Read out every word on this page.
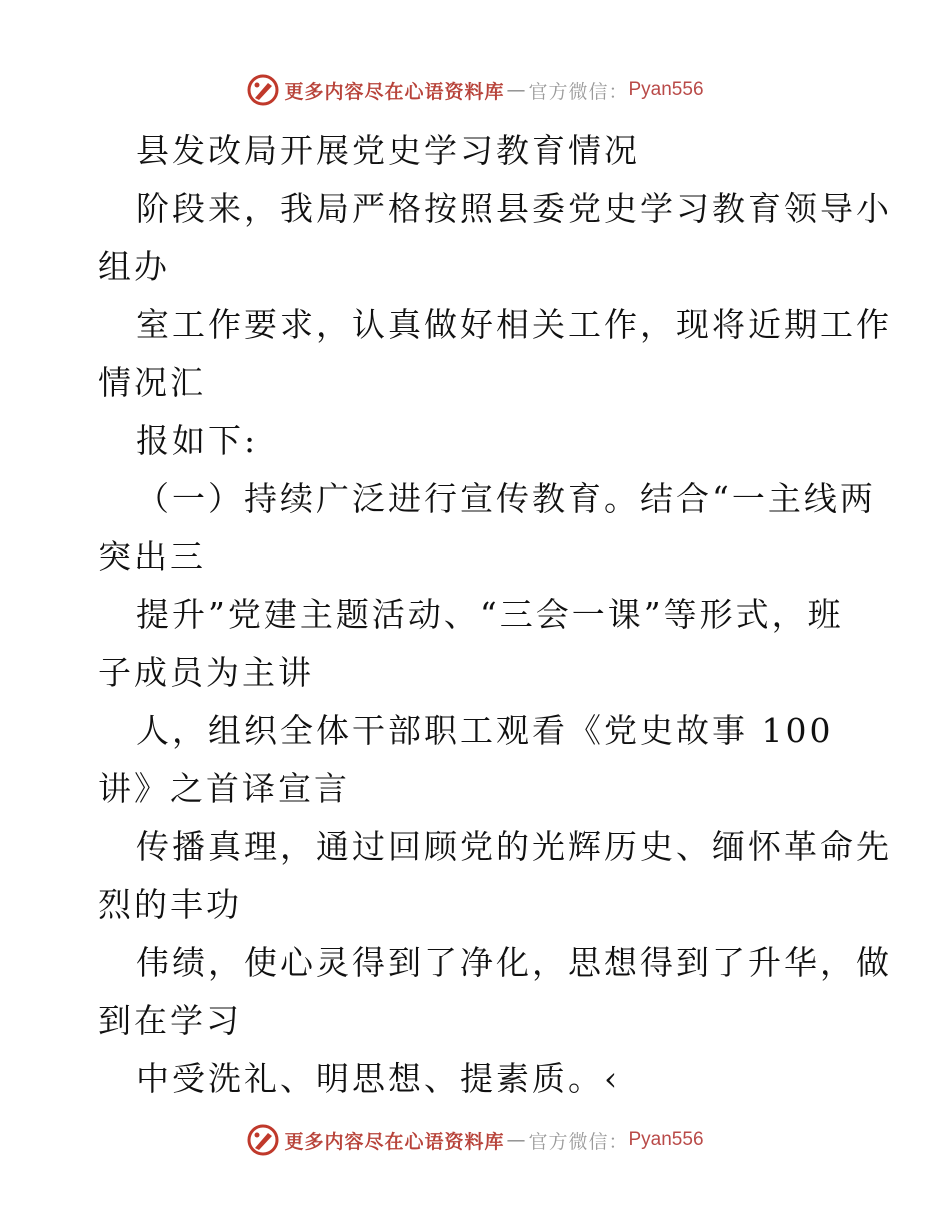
更多内容尽在心语资料库 — 官方微信： Pyan556
县发改局开展党史学习教育情况
阶段来，我局严格按照县委党史学习教育领导小
组办
室工作要求，认真做好相关工作，现将近期工作
情况汇
报如下:
（一）持续广泛进行宣传教育。结合“一主线两
突出三
提升”党建主题活动、“三会一课”等形式，班
子成员为主讲
人，组织全体干部职工观看《党史故事 100
讲》之首译宣言
传播真理，通过回顾党的光辉历史、缅怀革命先
烈的丰功
伟绩，使心灵得到了净化，思想得到了升华，做
到在学习
中受洗礼、明思想、提素质。‹
更多内容尽在心语资料库 — 官方微信： Pyan556
